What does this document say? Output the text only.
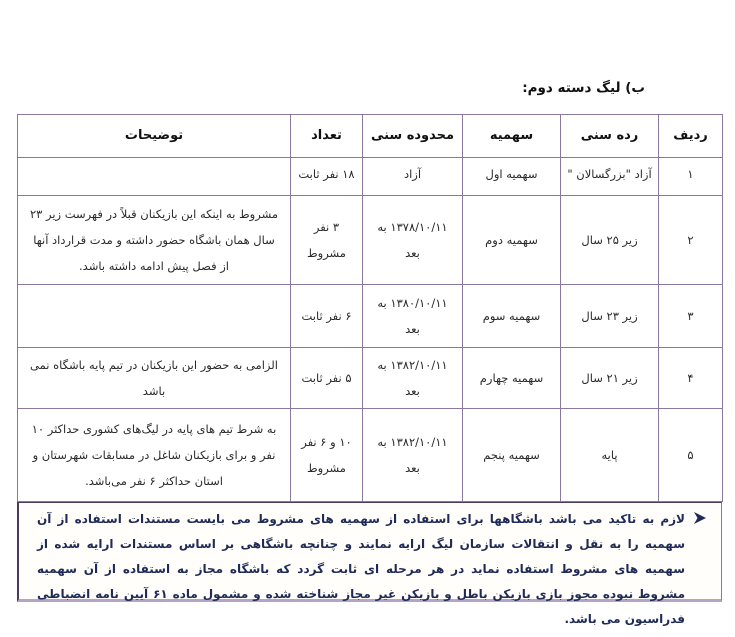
ب) لیگ دسته دوم:
ردیف	رده سنی	سهمیه	محدوده سنی	تعداد	توضیحات
۱	آزاد "بزرگسالان "	سهمیه اول	آزاد	۱۸ نفر ثابت	
۲	زیر ۲۵ سال	سهمیه دوم	۱۳۷۸/۱۰/۱۱ به بعد	۳ نفر مشروط	مشروط به اینکه این بازیکنان قبلاً در فهرست زیر ۲۳ سال همان باشگاه حضور داشته و مدت قرارداد آنها از فصل پیش ادامه داشته باشد.
۳	زیر ۲۳ سال	سهمیه سوم	۱۳۸۰/۱۰/۱۱ به بعد	۶ نفر ثابت	
۴	زیر ۲۱ سال	سهمیه چهارم	۱۳۸۲/۱۰/۱۱ به بعد	۵ نفر ثابت	الزامی به حضور این بازیکنان در تیم پایه باشگاه نمی باشد
۵	پایه	سهمیه پنجم	۱۳۸۲/۱۰/۱۱ به بعد	۱۰ و ۶ نفر مشروط	به شرط تیم های پایه در لیگ‌های کشوری حداکثر ۱۰ نفر و برای بازیکنان شاغل در مسابقات شهرستان و استان حداکثر ۶ نفر می‌باشد.
لازم به تاکید می باشد باشگاهها برای استفاده از سهمیه های مشروط می بایست مستندات استفاده از آن سهمیه را به نقل و انتقالات سازمان لیگ ارایه نمایند و چنانچه باشگاهی بر اساس مستندات ارایه شده از سهمیه های مشروط استفاده نماید در هر مرحله ای ثابت گردد که باشگاه مجاز به استفاده از آن سهمیه مشروط نبوده مجوز بازی بازیکن باطل و بازیکن غیر مجاز شناخته شده و مشمول ماده ۶۱ آیین نامه انضباطی فدراسیون می باشد.
